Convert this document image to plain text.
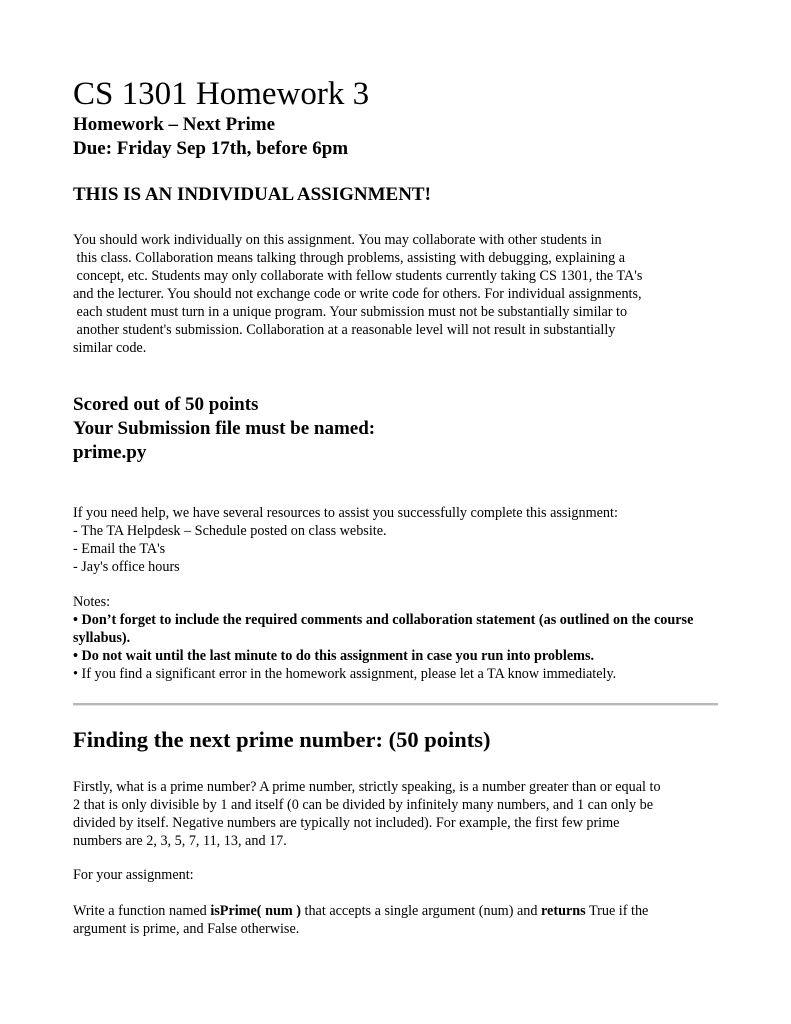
CS 1301 Homework 3
Homework – Next Prime
Due: Friday Sep 17th, before 6pm
THIS IS AN INDIVIDUAL ASSIGNMENT!
You should work individually on this assignment. You may collaborate with other students in
this class. Collaboration means talking through problems, assisting with debugging, explaining a
concept, etc. Students may only collaborate with fellow students currently taking CS 1301, the TA's
and the lecturer. You should not exchange code or write code for others. For individual assignments,
each student must turn in a unique program. Your submission must not be substantially similar to
another student's submission. Collaboration at a reasonable level will not result in substantially
similar code.
Scored out of 50 points
Your Submission file must be named:
prime.py
If you need help, we have several resources to assist you successfully complete this assignment:
- The TA Helpdesk – Schedule posted on class website.
- Email the TA's
- Jay's office hours
Notes:
• Don’t forget to include the required comments and collaboration statement (as outlined on the course syllabus).
• Do not wait until the last minute to do this assignment in case you run into problems.
• If you find a significant error in the homework assignment, please let a TA know immediately.
Finding the next prime number: (50 points)
Firstly, what is a prime number? A prime number, strictly speaking, is a number greater than or equal to
2 that is only divisible by 1 and itself (0 can be divided by infinitely many numbers, and 1 can only be
divided by itself. Negative numbers are typically not included). For example, the first few prime
numbers are 2, 3, 5, 7, 11, 13, and 17.
For your assignment:
Write a function named isPrime( num ) that accepts a single argument (num) and returns True if the
argument is prime, and False otherwise.
